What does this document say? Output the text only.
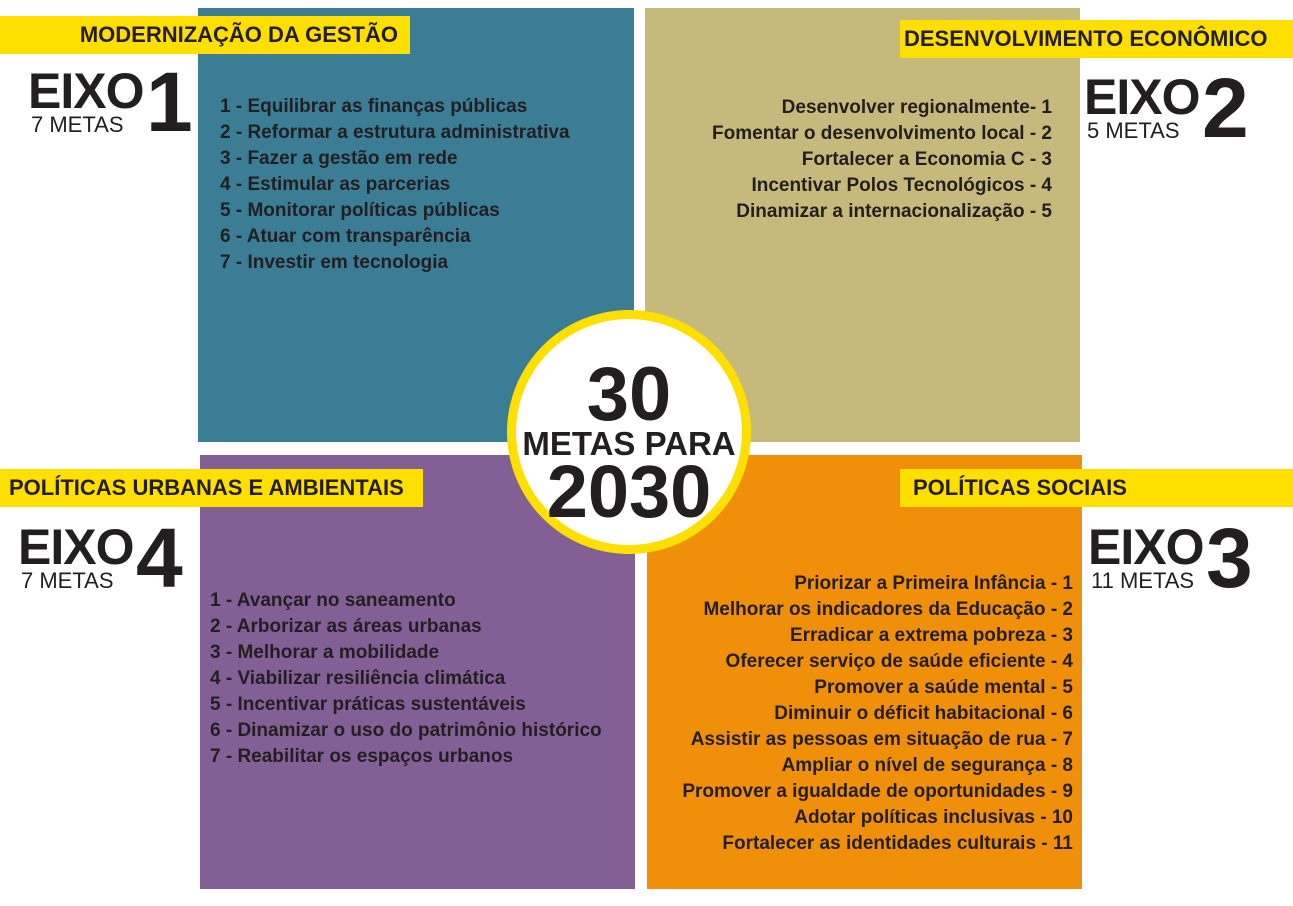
MODERNIZAÇÃO DA GESTÃO	DESENVOLVIMENTO ECONÔMICO
POLÍTICAS URBANAS E AMBIENTAIS	POLÍTICAS SOCIAIS
EIXO 1
7 METAS	EIXO 2
5 METAS
EIXO 4
7 METAS
EIXO 3
11 METAS
1 - Equilibrar as finanças públicas
2 - Reformar a estrutura administrativa
3 - Fazer a gestão em rede
4 - Estimular as parcerias
5 - Monitorar políticas públicas
6 - Atuar com transparência
7 - Investir em tecnologia
Desenvolver regionalmente- 1
Fomentar o desenvolvimento local - 2
Fortalecer a Economia C - 3
Incentivar Polos Tecnológicos - 4
Dinamizar a internacionalização - 5
1 - Avançar no saneamento
2 - Arborizar as áreas urbanas
3 - Melhorar a mobilidade
4 - Viabilizar resiliência climática
5 - Incentivar práticas sustentáveis
6 - Dinamizar o uso do patrimônio histórico
7 - Reabilitar os espaços urbanos
Priorizar a Primeira Infância - 1
Melhorar os indicadores da Educação - 2
Erradicar a extrema pobreza - 3
Oferecer serviço de saúde eficiente - 4
Promover a saúde mental - 5
Diminuir o déficit habitacional - 6
Assistir as pessoas em situação de rua - 7
Ampliar o nível de segurança - 8
Promover a igualdade de oportunidades - 9
Adotar políticas inclusivas - 10
Fortalecer as identidades culturais - 11
30
METAS PARA
2030
